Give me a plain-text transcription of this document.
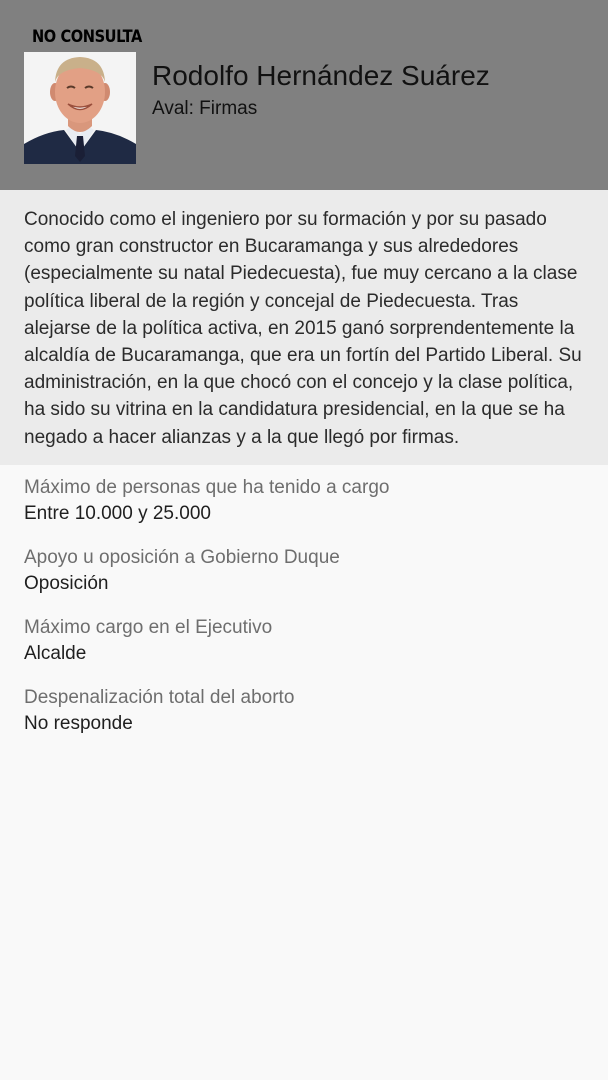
NO CONSULTA
Rodolfo Hernández Suárez
Aval: Firmas
Conocido como el ingeniero por su formación y por su pasado como gran constructor en Bucaramanga y sus alrededores (especialmente su natal Piedecuesta), fue muy cercano a la clase política liberal de la región y concejal de Piedecuesta. Tras alejarse de la política activa, en 2015 ganó sorprendentemente la alcaldía de Bucaramanga, que era un fortín del Partido Liberal. Su administración, en la que chocó con el concejo y la clase política, ha sido su vitrina en la candidatura presidencial, en la que se ha negado a hacer alianzas y a la que llegó por firmas.
Máximo de personas que ha tenido a cargo
Entre 10.000 y 25.000
Apoyo u oposición a Gobierno Duque
Oposición
Máximo cargo en el Ejecutivo
Alcalde
Despenalización total del aborto
No responde
